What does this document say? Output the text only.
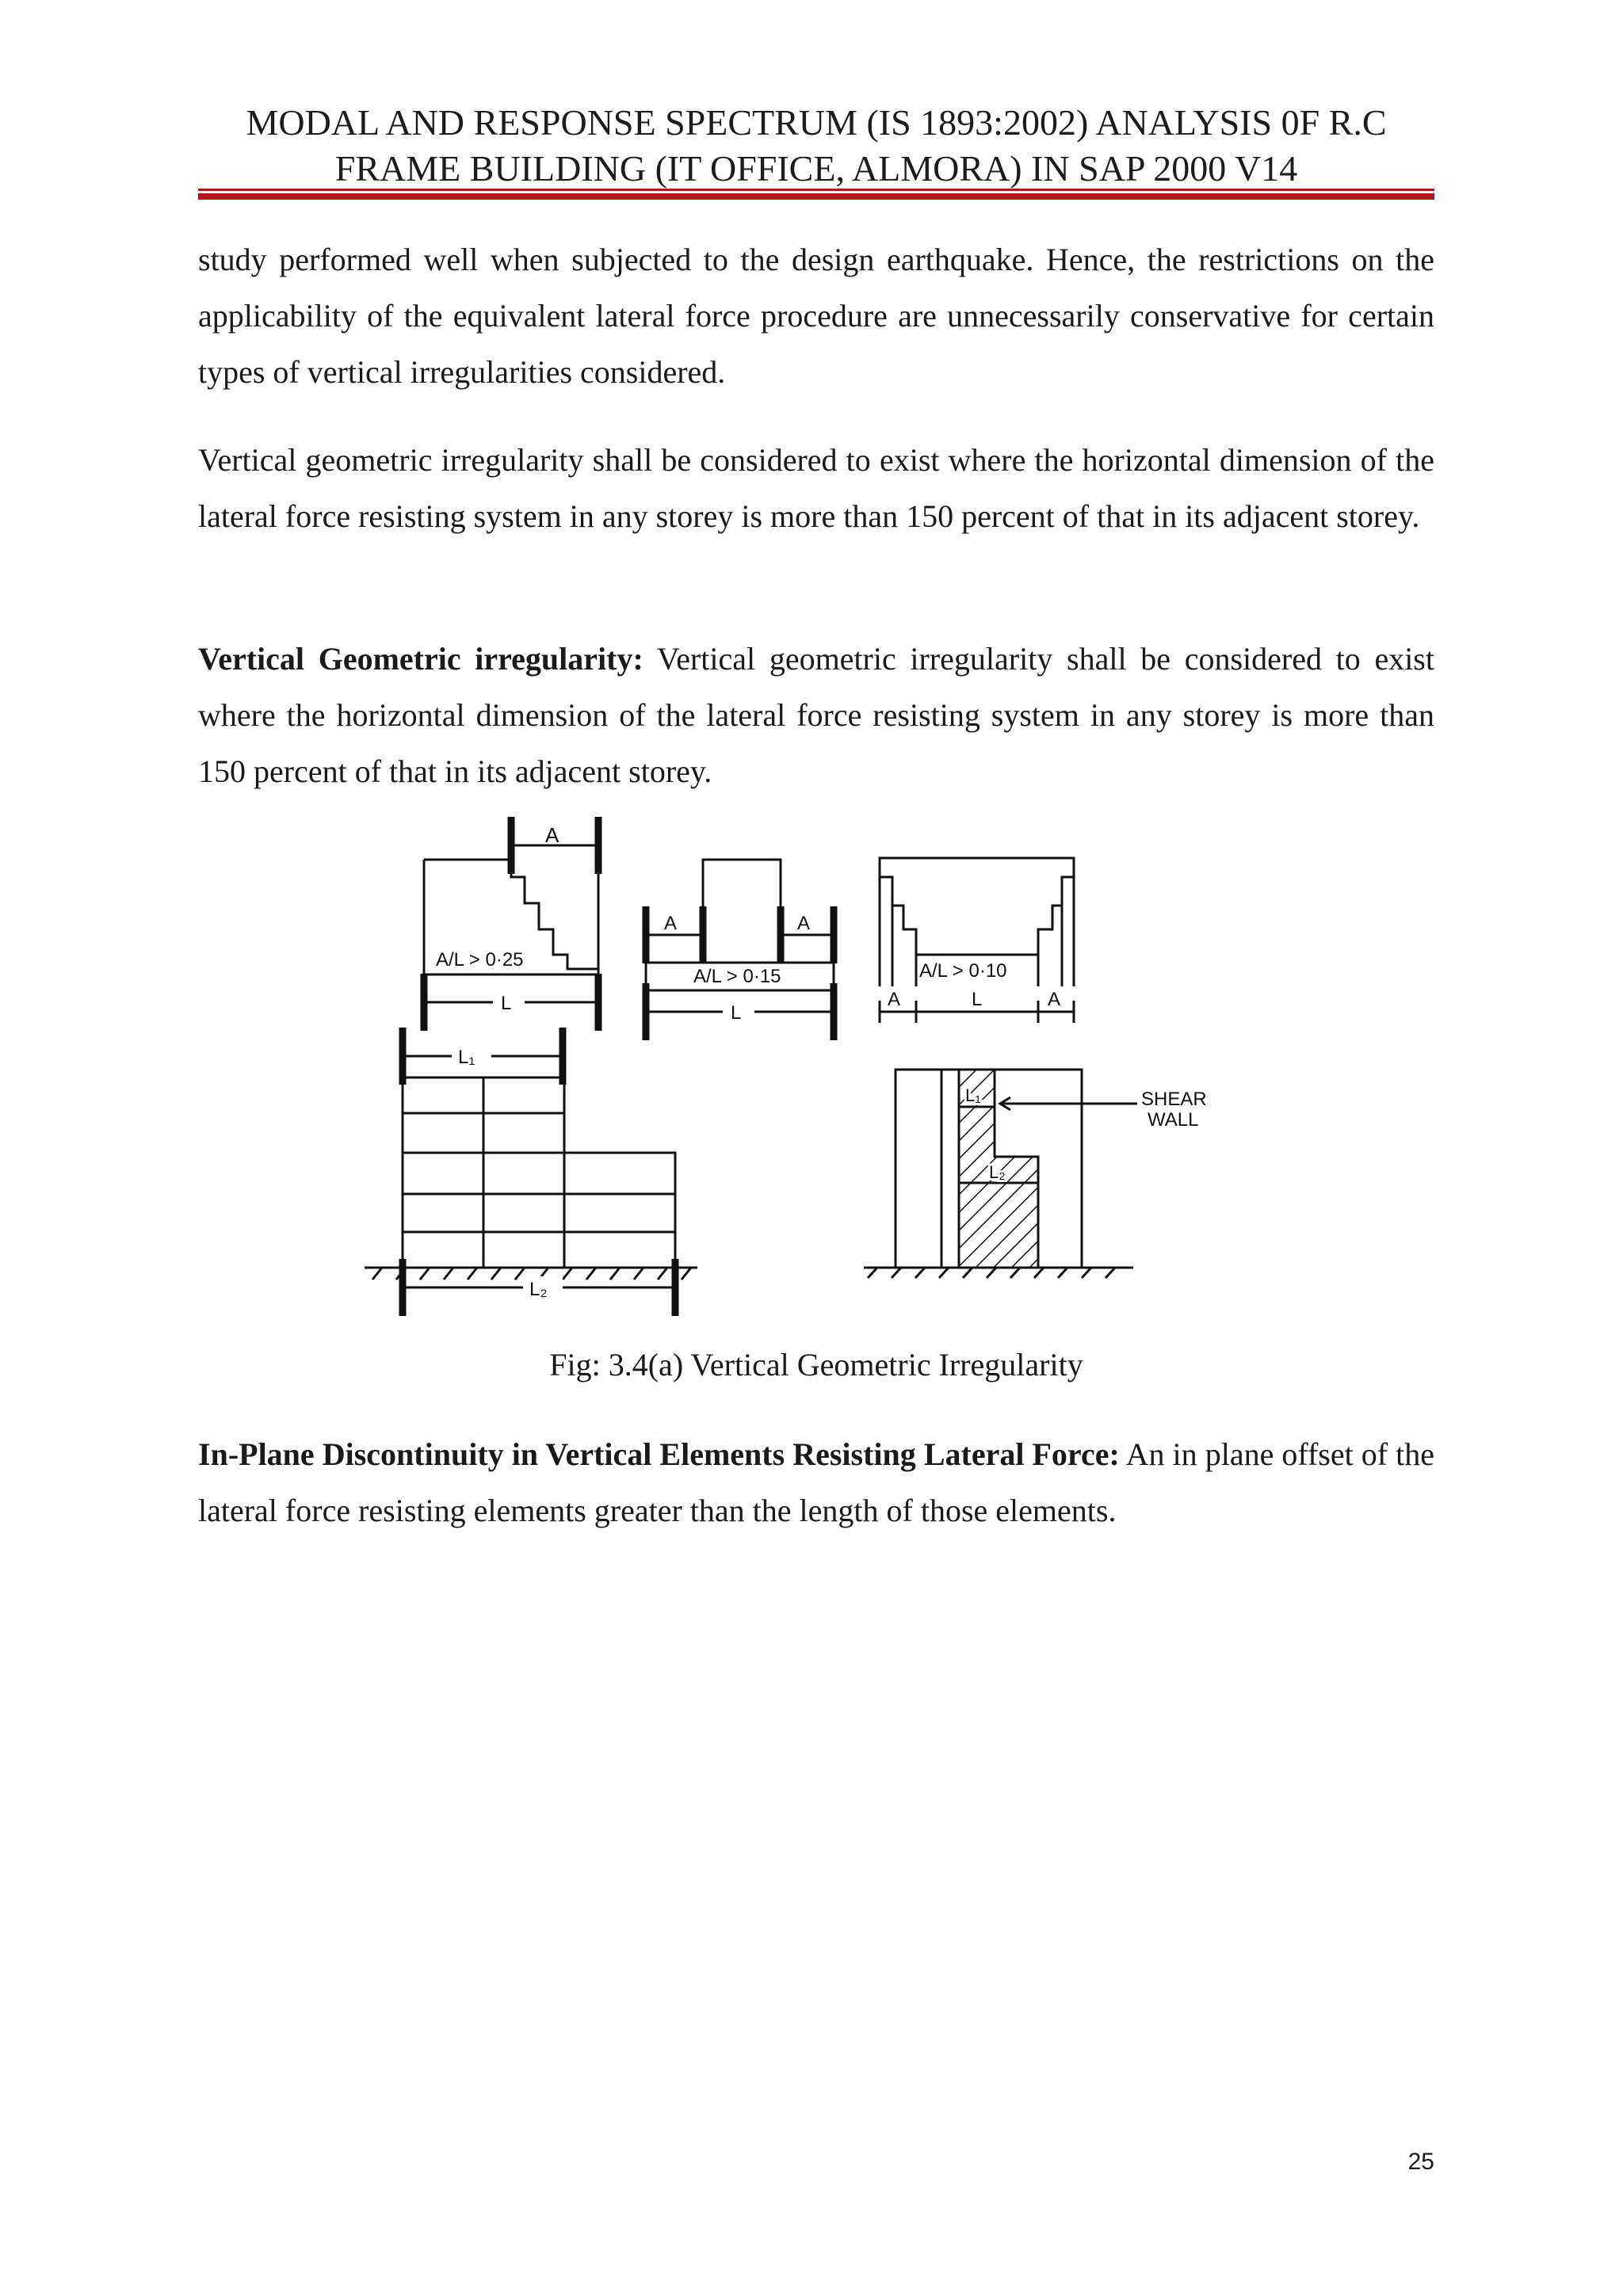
MODAL AND RESPONSE SPECTRUM (IS 1893:2002) ANALYSIS 0F R.C
FRAME BUILDING (IT OFFICE, ALMORA) IN SAP 2000 V14

study performed well when subjected to the design earthquake. Hence, the restrictions on the applicability of the equivalent lateral force procedure are unnecessarily conservative for certain types of vertical irregularities considered.

Vertical geometric irregularity shall be considered to exist where the horizontal dimension of the lateral force resisting system in any storey is more than 150 percent of that in its adjacent storey.

Vertical Geometric irregularity: Vertical geometric irregularity shall be considered to exist where the horizontal dimension of the lateral force resisting system in any storey is more than 150 percent of that in its adjacent storey.

A
A/L > 0·25
L
A	A
A/L > 0·15
L
A/L > 0·10
A	L	A
L₁
L₂
L₁
L₂
SHEAR
WALL
Fig: 3.4(a) Vertical Geometric Irregularity

In-Plane Discontinuity in Vertical Elements Resisting Lateral Force: An in plane offset of the lateral force resisting elements greater than the length of those elements.

25
